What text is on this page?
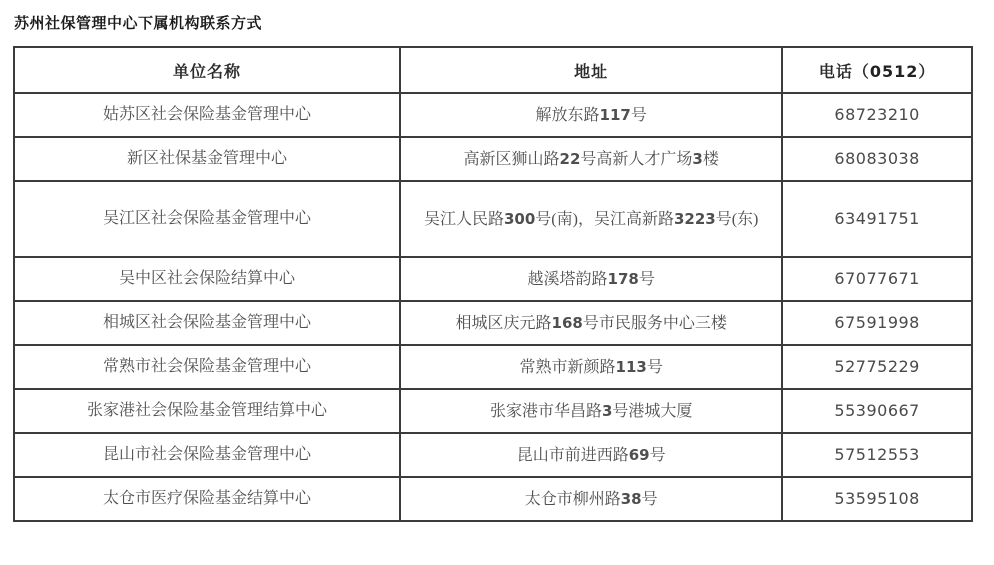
苏州社保管理中心下属机构联系方式
单位名称	地址	电话（0512）
姑苏区社会保险基金管理中心	解放东路117号	68723210
新区社保基金管理中心	高新区狮山路22号高新人才广场3楼	68083038
吴江区社会保险基金管理中心	吴江人民路300号(南)，吴江高新路3223号(东)	63491751
吴中区社会保险结算中心	越溪塔韵路178号	67077671
相城区社会保险基金管理中心	相城区庆元路168号市民服务中心三楼	67591998
常熟市社会保险基金管理中心	常熟市新颜路113号	52775229
张家港社会保险基金管理结算中心	张家港市华昌路3号港城大厦	55390667
昆山市社会保险基金管理中心	昆山市前进西路69号	57512553
太仓市医疗保险基金结算中心	太仓市柳州路38号	53595108
